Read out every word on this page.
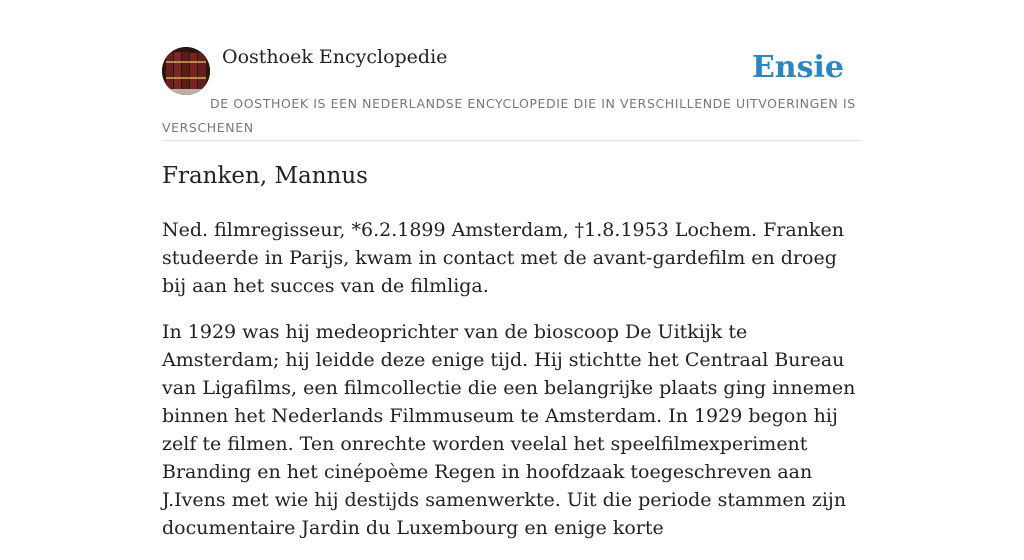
Oosthoek Encyclopedie	Ensie
DE OOSTHOEK IS EEN NEDERLANDSE ENCYCLOPEDIE DIE IN VERSCHILLENDE UITVOERINGEN IS VERSCHENEN
Franken, Mannus

Ned. filmregisseur, *6.2.1899 Amsterdam, †1.8.1953 Lochem. Franken studeerde in Parijs, kwam in contact met de avant-gardefilm en droeg bij aan het succes van de filmliga.

In 1929 was hij medeoprichter van de bioscoop De Uitkijk te Amsterdam; hij leidde deze enige tijd. Hij stichtte het Centraal Bureau van Ligafilms, een filmcollectie die een belangrijke plaats ging innemen binnen het Nederlands Filmmuseum te Amsterdam. In 1929 begon hij zelf te filmen. Ten onrechte worden veelal het speelfilmexperiment Branding en het cinépoème Regen in hoofdzaak toegeschreven aan J.Ivens met wie hij destijds samenwerkte. Uit die periode stammen zijn documentaire Jardin du Luxembourg en enige korte
